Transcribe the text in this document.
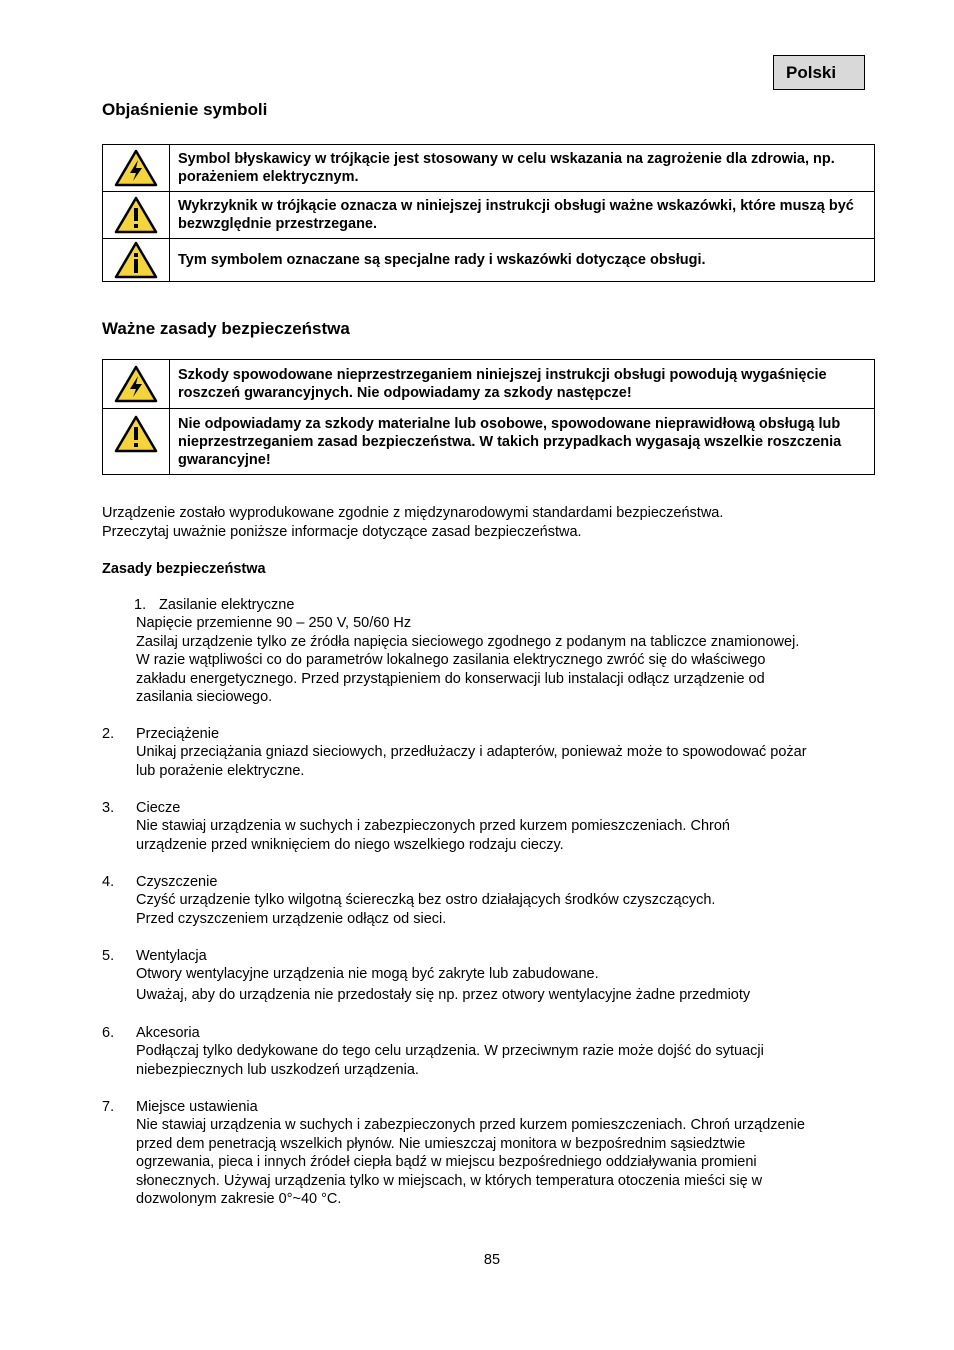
Polski
Objaśnienie symboli
	Symbol błyskawicy w trójkącie jest stosowany w celu wskazania na zagrożenie dla zdrowia, np. porażeniem elektrycznym.

	Wykrzyknik w trójkącie oznacza w niniejszej instrukcji obsługi ważne wskazówki, które muszą być bezwzględnie przestrzegane.

	Tym symbolem oznaczane są specjalne rady i wskazówki dotyczące obsługi.
Ważne zasady bezpieczeństwa
	Szkody spowodowane nieprzestrzeganiem niniejszej instrukcji obsługi powodują wygaśnięcie roszczeń gwarancyjnych. Nie odpowiadamy za szkody następcze!

	Nie odpowiadamy za szkody materialne lub osobowe, spowodowane nieprawidłową obsługą lub nieprzestrzeganiem zasad bezpieczeństwa. W takich przypadkach wygasają wszelkie roszczenia gwarancyjne!

Urządzenie zostało wyprodukowane zgodnie z międzynarodowymi standardami bezpieczeństwa.
Przeczytaj uważnie poniższe informacje dotyczące zasad bezpieczeństwa.

Zasady bezpieczeństwa

1. Zasilanie elektryczne
Napięcie przemienne 90 – 250 V, 50/60 Hz
Zasilaj urządzenie tylko ze źródła napięcia sieciowego zgodnego z podanym na tabliczce znamionowej.
W razie wątpliwości co do parametrów lokalnego zasilania elektrycznego zwróć się do właściwego
zakładu energetycznego. Przed przystąpieniem do konserwacji lub instalacji odłącz urządzenie od
zasilania sieciowego.
2. Przeciążenie
Unikaj przeciążania gniazd sieciowych, przedłużaczy i adapterów, ponieważ może to spowodować pożar
lub porażenie elektryczne.
3. Ciecze
Nie stawiaj urządzenia w suchych i zabezpieczonych przed kurzem pomieszczeniach. Chroń
urządzenie przed wniknięciem do niego wszelkiego rodzaju cieczy.
4. Czyszczenie
Czyść urządzenie tylko wilgotną ściereczką bez ostro działających środków czyszczących.
Przed czyszczeniem urządzenie odłącz od sieci.
5. Wentylacja
Otwory wentylacyjne urządzenia nie mogą być zakryte lub zabudowane.
Uważaj, aby do urządzenia nie przedostały się np. przez otwory wentylacyjne żadne przedmioty
6. Akcesoria
Podłączaj tylko dedykowane do tego celu urządzenia. W przeciwnym razie może dojść do sytuacji
niebezpiecznych lub uszkodzeń urządzenia.
7. Miejsce ustawienia
Nie stawiaj urządzenia w suchych i zabezpieczonych przed kurzem pomieszczeniach. Chroń urządzenie
przed dem penetracją wszelkich płynów. Nie umieszczaj monitora w bezpośrednim sąsiedztwie
ogrzewania, pieca i innych źródeł ciepła bądź w miejscu bezpośredniego oddziaływania promieni
słonecznych. Używaj urządzenia tylko w miejscach, w których temperatura otoczenia mieści się w
dozwolonym zakresie 0°~40 °C.
85
